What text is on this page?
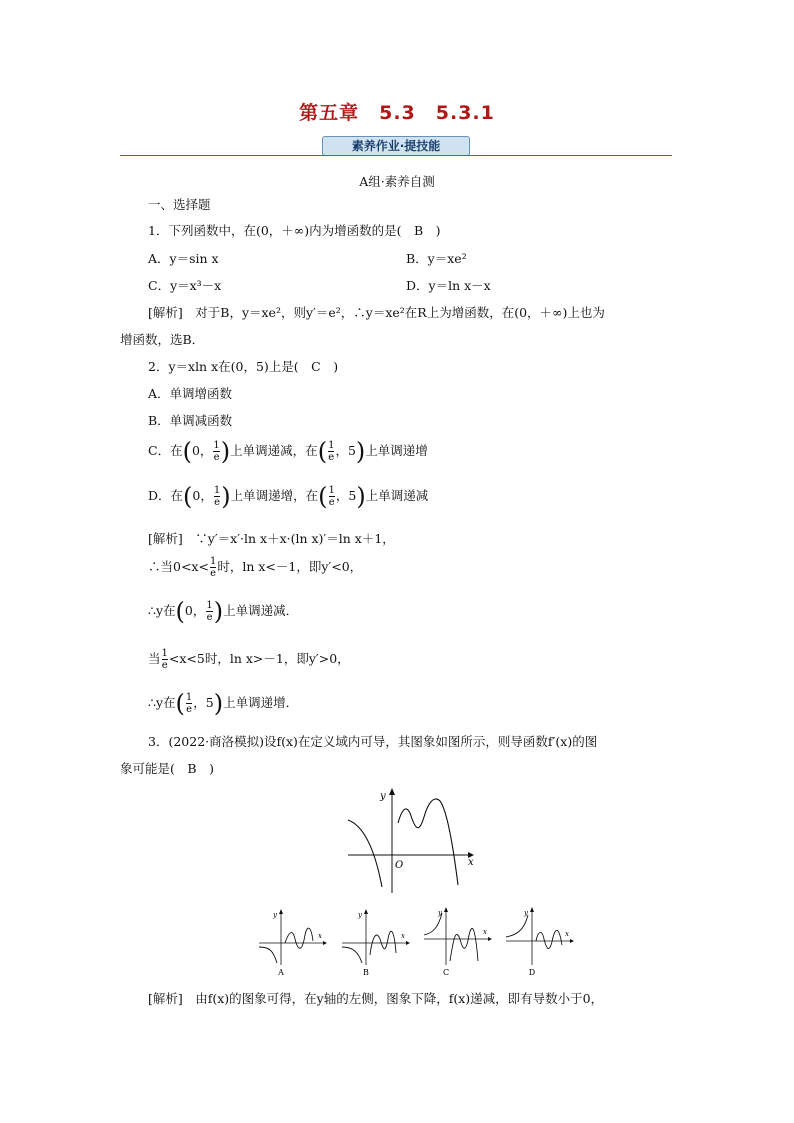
第五章　5.3　5.3.1
素养作业·提技能
A组·素养自测
一、选择题
1．下列函数中，在(0，＋∞)内为增函数的是(　B　)
A．y＝sin x	B．y＝xe²
C．y＝x³－x	D．y＝ln x－x
[解析]　对于B，y＝xe²，则y′＝e²，∴y＝xe²在R上为增函数，在(0，＋∞)上也为
增函数，选B．
2．y＝xln x在(0，5)上是(　C　)
A．单调增函数
B．单调减函数
C．在(0， $\frac{1}{e}$ )上单调递减，在( $\frac{1}{e}$ ，5)上单调递增
D．在(0， $\frac{1}{e}$ )上单调递增，在( $\frac{1}{e}$ ，5)上单调递减
[解析]　∵y′＝x′·ln x＋x·(ln x)′＝ln x＋1，
∴当$0<x< \frac{1}{e}$ 时，ln x<－1，即y′<0，
∴y在(0， $\frac{1}{e}$ )上单调递减．
当 $\frac{1}{e} <x<5$时，ln x>－1，即y′>0，
∴y在( $\frac{1}{e}$ ，5)上单调递增．
3．(2022·商洛模拟)设f(x)在定义域内可导，其图象如图所示，则导函数f′(x)的图
象可能是(　B　)
x
y
O
x
y
A
x
y
B
x
y
C
x
y
D
[解析]　由f(x)的图象可得，在y轴的左侧，图象下降，f(x)递减，即有导数小于0，
